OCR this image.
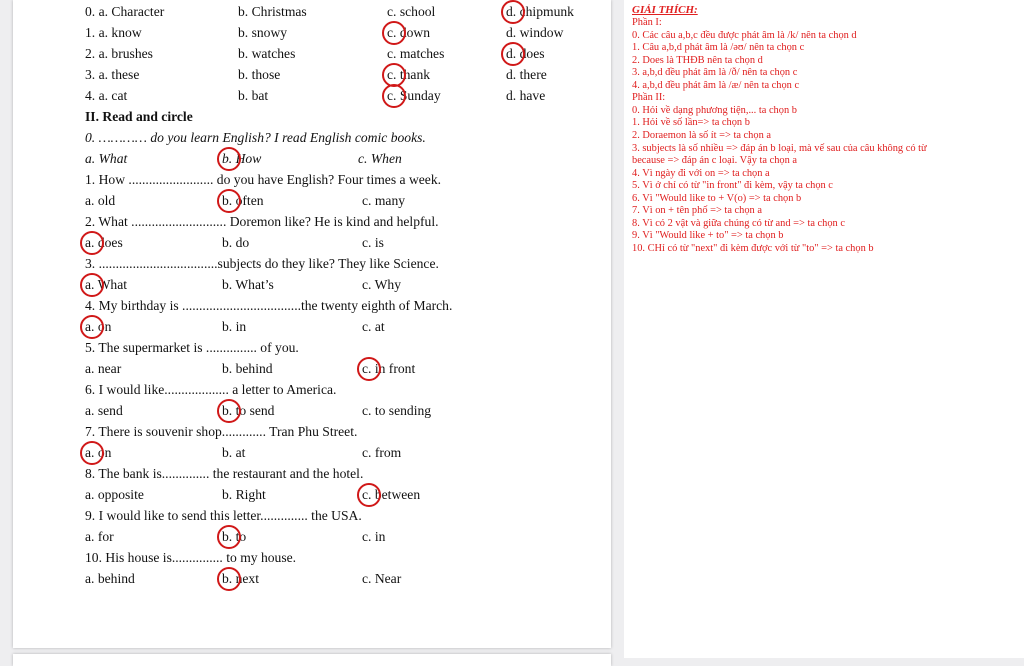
0. a. Character	b. Christmas	c. school	d. chipmunk
1. a. know	b. snowy	c. down	d. window
2. a. brushes	b. watches	c. matches	d. does
3. a. these	b. those	c. thank	d. there
4. a. cat	b. bat	c. Sunday	d. have
II. Read and circle
0. ………… do you learn English? I read English comic books.
a. What	b. How	c. When
1. How ......................... do you have English? Four times a week.
a. old	b. often	c. many
2. What ............................ Doremon like? He is kind and helpful.
a. does	b. do	c. is
3. ...................................subjects do they like? They like Science.
a. What	b. What’s	c. Why
4. My birthday is ...................................the twenty eighth of March.
a. on	b. in	c. at
5. The supermarket is ............... of you.
a. near	b. behind	c. in front
6. I would like................... a letter to America.
a. send	b. to send	c. to sending
7. There is souvenir shop............. Tran Phu Street.
a. on	b. at	c. from
8. The bank is.............. the restaurant and the hotel.
a. opposite	b. Right	c. between
9. I would like to send this letter.............. the USA.
a. for	b. to	c. in
10. His house is............... to my house.
a. behind	b. next	c. Near
GIẢI THÍCH:
Phần I:
0. Các câu a,b,c đều được phát âm là /k/ nên ta chọn d
1. Câu a,b,d phát âm là /əʊ/ nên ta chọn c
2. Does là THĐB nên ta chọn d
3. a,b,d đều phát âm là /ð/ nên ta chọn c
4. a,b,d đều phát âm là /æ/ nên ta chọn c
Phần II:
0. Hỏi về dạng phương tiện,... ta chọn b
1. Hỏi về số lần=> ta chọn b
2. Doraemon là số ít => ta chọn a
3. subjects là số nhiều => đáp án b loại, mà vế sau của câu không có từ
because => đáp án c loại. Vậy ta chọn a
4. Vì ngày đi với on => ta chọn a
5. Vì ở chỉ có từ "in front" đi kèm, vậy ta chọn c
6. Vì "Would like to + V(o) => ta chọn b
7. Vì on + tên phố => ta chọn a
8. Vì có 2 vật và giữa chúng có từ and => ta chọn c
9. Vì "Would like + to" => ta chọn b
10. CHỉ có từ "next" đi kèm được với từ "to" => ta chọn b
